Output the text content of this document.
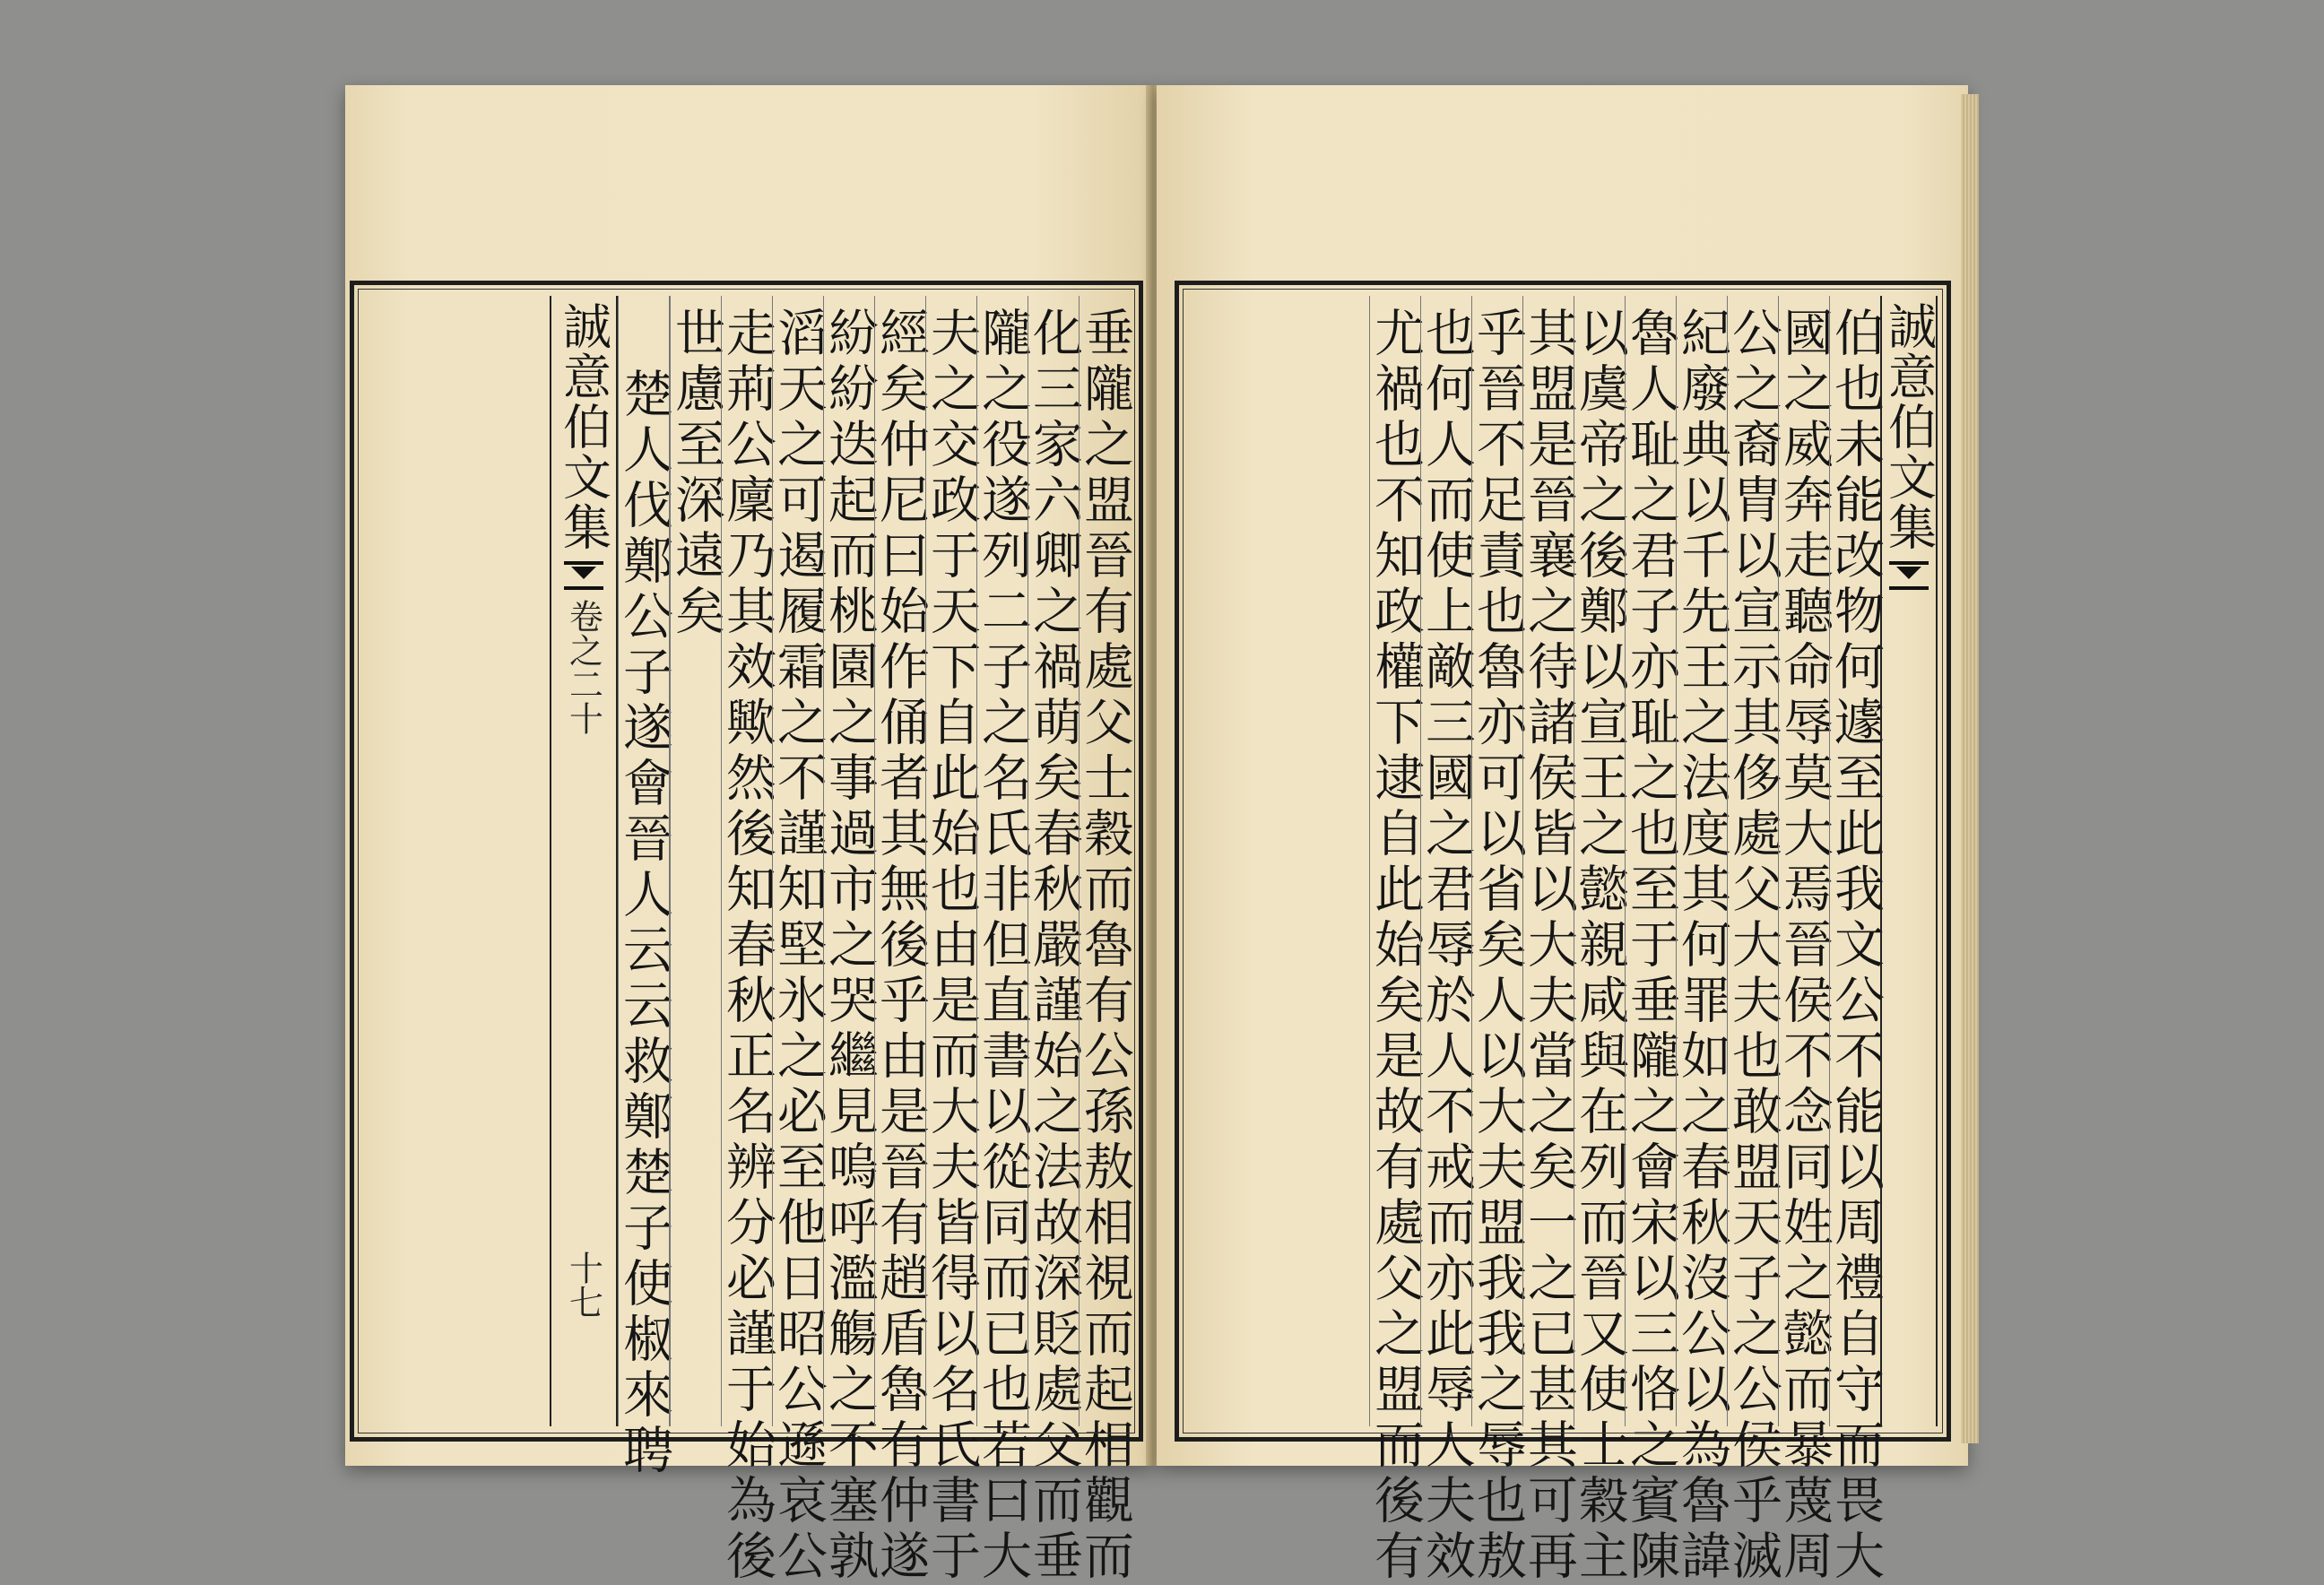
垂隴之盟晉有處父士穀而魯有公孫敖相視而起相觀而
化三家六卿之禍萌矣春秋嚴謹始之法故深貶處父而垂
隴之役遂列二子之名氏非但直書以從同而已也若曰大
夫之交政于天下自此始也由是而大夫皆得以名氏書于
經矣仲尼曰始作俑者其無後乎由是晉有趙盾魯有仲遂
紛紛迭起而桃園之事過市之哭繼見嗚呼濫觴之不塞孰
滔天之可遏履霜之不謹知堅氷之必至他日昭公遜哀公
走荊公廩乃其效歟然後知春秋正名辨分必謹于始為後
世慮至深遠矣
楚人伐鄭公子遂會晉人云云救鄭楚子使椒來聘
誠意伯文集
卷之二十
十七
誠意伯文集
伯也未能改物何遽至此我文公不能以周禮自守而畏大
國之威奔走聽命辱莫大焉晉侯不念同姓之懿而暴蔑周
公之裔胄以宣示其侈處父大夫也敢盟天子之公侯乎滅
紀廢典以千先王之法度其何罪如之春秋沒公以為魯諱
魯人耻之君子亦耻之也至于垂隴之會宋以三恪之賓陳
以虞帝之後鄭以宣王之懿親咸與在列而晉又使士穀主
其盟是晉襄之待諸侯皆以大夫當之矣一之已甚其可再
乎晉不足責也魯亦可以省矣人以大夫盟我我之辱也敖
也何人而使上敵三國之君辱於人不戒而亦此辱人夫效
尤禍也不知政權下逮自此始矣是故有處父之盟而後有
